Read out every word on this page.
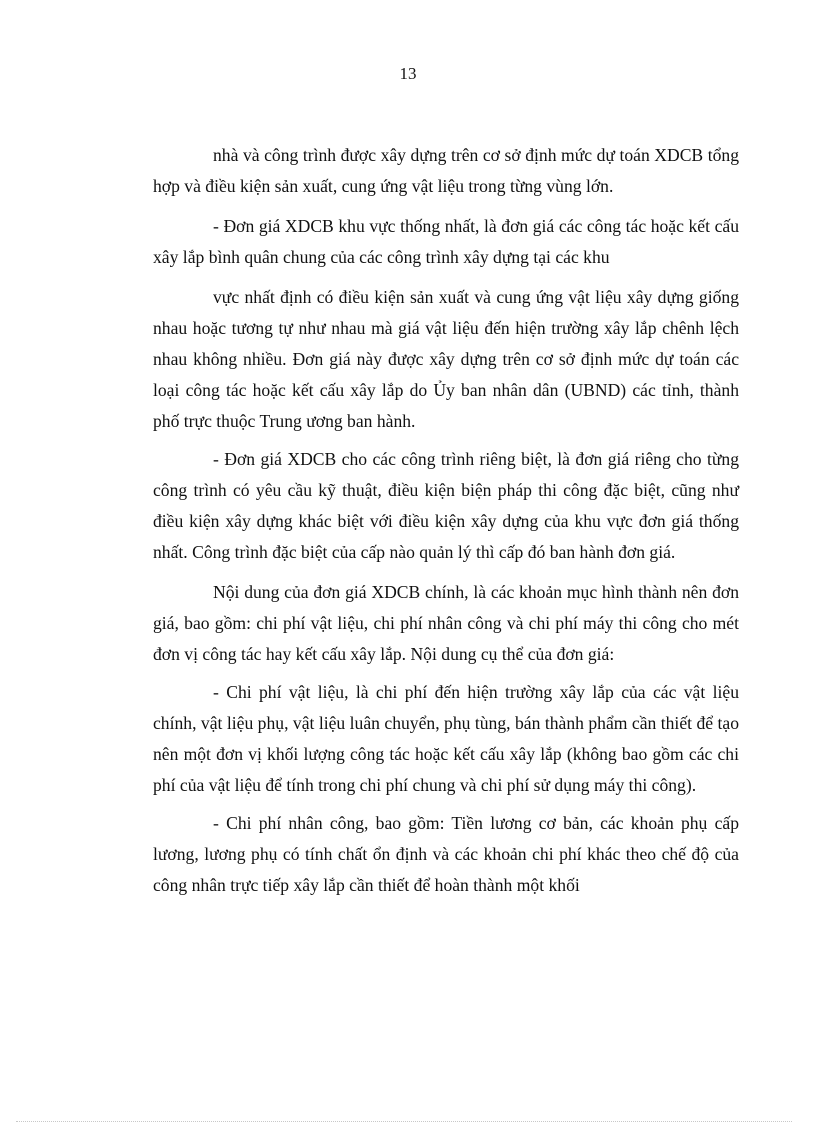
13

nhà và công trình được xây dựng trên cơ sở định mức dự toán XDCB tổng hợp và điều kiện sản xuất, cung ứng vật liệu trong từng vùng lớn.

- Đơn giá XDCB khu vực thống nhất, là đơn giá các công tác hoặc kết cấu xây lắp bình quân chung của các công trình xây dựng tại các khu

vực nhất định có điều kiện sản xuất và cung ứng vật liệu xây dựng giống nhau hoặc tương tự như nhau mà giá vật liệu đến hiện trường xây lắp chênh lệch nhau không nhiều. Đơn giá này được xây dựng trên cơ sở định mức dự toán các loại công tác hoặc kết cấu xây lắp do Ủy ban nhân dân (UBND) các tỉnh, thành phố trực thuộc Trung ương ban hành.

- Đơn giá XDCB cho các công trình riêng biệt, là đơn giá riêng cho từng công trình có yêu cầu kỹ thuật, điều kiện biện pháp thi công đặc biệt, cũng như điều kiện xây dựng khác biệt với điều kiện xây dựng của khu vực đơn giá thống nhất. Công trình đặc biệt của cấp nào quản lý thì cấp đó ban hành đơn giá.

Nội dung của đơn giá XDCB chính, là các khoản mục hình thành nên đơn giá, bao gồm: chi phí vật liệu, chi phí nhân công và chi phí máy thi công cho mét đơn vị công tác hay kết cấu xây lắp. Nội dung cụ thể của đơn giá:

- Chi phí vật liệu, là chi phí đến hiện trường xây lắp của các vật liệu chính, vật liệu phụ, vật liệu luân chuyển, phụ tùng, bán thành phẩm cần thiết để tạo nên một đơn vị khối lượng công tác hoặc kết cấu xây lắp (không bao gồm các chi phí của vật liệu để tính trong chi phí chung và chi phí sử dụng máy thi công).

- Chi phí nhân công, bao gồm: Tiền lương cơ bản, các khoản phụ cấp lương, lương phụ có tính chất ổn định và các khoản chi phí khác theo chế độ của công nhân trực tiếp xây lắp cần thiết để hoàn thành một khối
